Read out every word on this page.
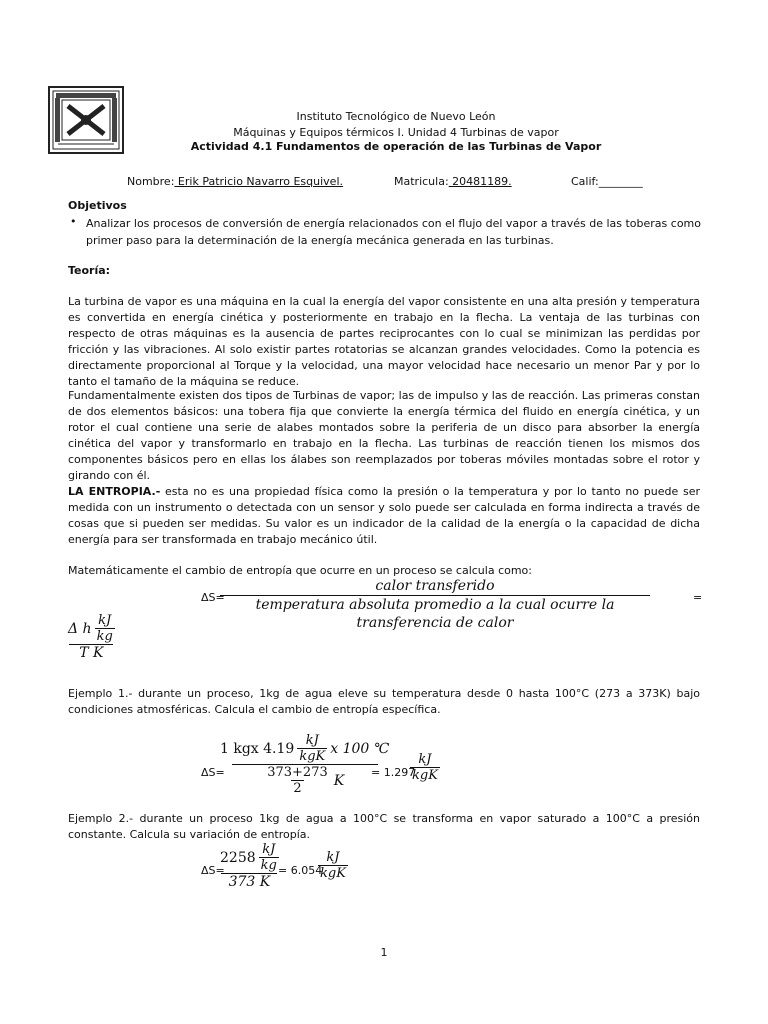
Instituto Tecnológico de Nuevo León
Máquinas y Equipos térmicos I. Unidad 4 Turbinas de vapor
Actividad 4.1 Fundamentos de operación de las Turbinas de Vapor
Nombre: Erik Patricio Navarro Esquivel.	Matricula: 20481189.	Calif:________
Objetivos
• Analizar los procesos de conversión de energía relacionados con el flujo del vapor a través de las toberas como primer paso para la determinación de la energía mecánica generada en las turbinas.
Teoría:

La turbina de vapor es una máquina en la cual la energía del vapor consistente en una alta presión y temperatura es convertida en energía cinética y posteriormente en trabajo en la flecha. La ventaja de las turbinas con respecto de otras máquinas es la ausencia de partes reciprocantes con lo cual se minimizan las perdidas por fricción y las vibraciones. Al solo existir partes rotatorias se alcanzan grandes velocidades. Como la potencia es directamente proporcional al Torque y la velocidad, una mayor velocidad hace necesario un menor Par y por lo tanto el tamaño de la máquina se reduce.

Fundamentalmente existen dos tipos de Turbinas de vapor; las de impulso y las de reacción. Las primeras constan de dos elementos básicos: una tobera fija que convierte la energía térmica del fluido en energía cinética, y un rotor el cual contiene una serie de alabes montados sobre la periferia de un disco para absorber la energía cinética del vapor y transformarlo en trabajo en la flecha. Las turbinas de reacción tienen los mismos dos componentes básicos pero en ellas los álabes son reemplazados por toberas móviles montadas sobre el rotor y girando con él.

LA ENTROPIA.- esta no es una propiedad física como la presión o la temperatura y por lo tanto no puede ser medida con un instrumento o detectada con un sensor y solo puede ser calculada en forma indirecta a través de cosas que si pueden ser medidas. Su valor es un indicador de la calidad de la energía o la capacidad de dicha energía para ser transformada en trabajo mecánico útil.

Matemáticamente el cambio de entropía que ocurre en un proceso se calcula como:
ΔS=
calor transferido
temperatura absoluta promedio a la cual ocurre la transferencia de calor
=
Δ h $\frac{kJ}{kg}$
T K

Ejemplo 1.- durante un proceso, 1kg de agua eleve su temperatura desde 0 hasta 100°C (273 a 373K) bajo condiciones atmosféricas. Calcula el cambio de entropía específica.

ΔS=
1 kgx $4.19 \frac{kJ}{\text{kgK}}$ x 100 ℃
$\frac{373+273}{2}$ K = 1.297
$\frac{kJ}{\text{kgK}}$

Ejemplo 2.- durante un proceso 1kg de agua a 100°C se transforma en vapor saturado a 100°C a presión constante. Calcula su variación de entropía.

ΔS=
$2258 \frac{kJ}{kg}$
373 K
= 6.054
$\frac{kJ}{\text{kgK}}$
1
